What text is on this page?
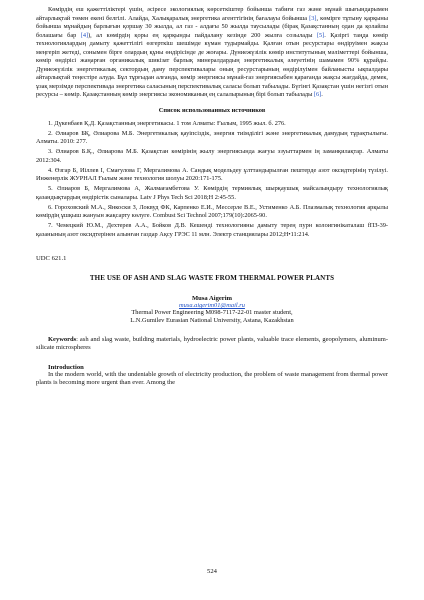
Көмірдің еш қажеттіліктері үшін, әсіресе экологиялық көрсеткіштер бойынша табиғи газ және мұнай шығындарымен айтарлықтай төмен екені белгілі. Алайда, Халықаралық энергетика агенттігінің бағалауы бойынша [3], көмірге тұтыну қарқыны бойынша мұнайдың барлығын қоршау 30 жылда, ал газ - алдағы 50 жылда таусылады (бірақ Қазақстанның одан да қолайлы болашағы бар [4]), ал көмірдің қоры ең қарқынды пайдалану кезінде 200 жылға созылады [5]. Қазіргі таңда көмір технологиялардың дамыту қажеттілігі өзгерткіш шешімде күман тудырмайды. Қалған отын ресурстары өндіруімен жақсы меңгеріп жетеді, сонымен бірге олардың құны өндірісінде де жоғары. Дүниежүзілік көмір институтының мәліметтері бойынша, көмір өндірісі жаңарған органикалық шикізат барлық минералдардың энергетикалық әлеуетінің шамамен 90% құрайды. Дүниежүзілік энергетикалық сектордың даму перспективалары оның ресурстарының өндірілуімен байланысты ықпалдары айтарлықтай теңестіре алуда. Бұл тұрғыдан алғанда, көмір энергиясы мұнай-газ энергиясыбен қарағанда жақсы жағдайда, демек, ұзақ мерзімде перспективада энергетика саласының перспективалық саласы болып табылады. Бүгінгі Қазақстан үшін негізгі отын ресурсы – көмір. Қазақстанның көмір энергиясы экономиканың ең салалырының бірі болып табылады [6].

Список использованных источников

1. Дүкенбаев Қ.Д. Қазақстанның энергетикасы. 1 том Алматы: Ғылым, 1995 жыл. б. 276.

2. Әлиаров БҚ, Әлиарова М.Б. Энергетикалық қауіпсіздік, энергия тиімділігі және энергетикалық дамудың тұрақтылығы. Алматы. 2010: 277.

3. Әлиаров Б.Қ., Әлиарова М.Б. Қазақстан көмірінің жылу энергиясында жағуы эзуыттармен ің заманқилақтар. Алматы 2012:304.

4. Өзгар Б, Иіллев I, Смағулова Г, Мергалимова А. Сандық модельдеу ұлттандырылған пештерде азот оксидтерінің түзілуі. Инженерлік ЖУРНАЛ Ғылым және технология шолуы 2020:171-175.

5. Әлиаров Б, Мергалимова А, Жалмағамбетова У. Көмірдің термиялық шырқаушық майсалындыру технологиялық қазандықтардың өндірістік сыналары. Latv J Phys Tech Sci 2018;Н 2:45-55.

6. Гороховский М.А., Янкоски З, Локвуд ФК, Карпенко Е.И., Мессерле В.Е., Устименко А.Б. Плазмалық технология арқылы көмірдің ұшқыш жануын жақсарту көлуге. Combust Sci Technol 2007;179(10):2065-90.

7. Чемецкий Ю.М., Дехтерев А.А., Бойков Д.В. Кешенді технологияны дамыту терең пурн колоигинікаталаш fПЗ-39- қазанының азот оксидтерінен алынған газдар Ақсу ГРЭС 11 млн. Электр станциялары 2012;Н•11:214.

UDC 621.1

THE USE OF ASH AND SLAG WASTE FROM THERMAL POWER PLANTS

Musa Aigerim

musa.aigerim01@mail.ru

Thermal Power Engineering M098-7117-22-01 master student,

L.N.Gumilev Eurasian National University, Astana, Kazakhstan

Keywords: ash and slag waste, building materials, hydroelectric power plants, valuable trace elements, geopolymers, aluminum-silicate microspheres

Introduction

In the modern world, with the undeniable growth of electricity production, the problem of waste management from thermal power plants is becoming more urgent than ever. Among the

524
